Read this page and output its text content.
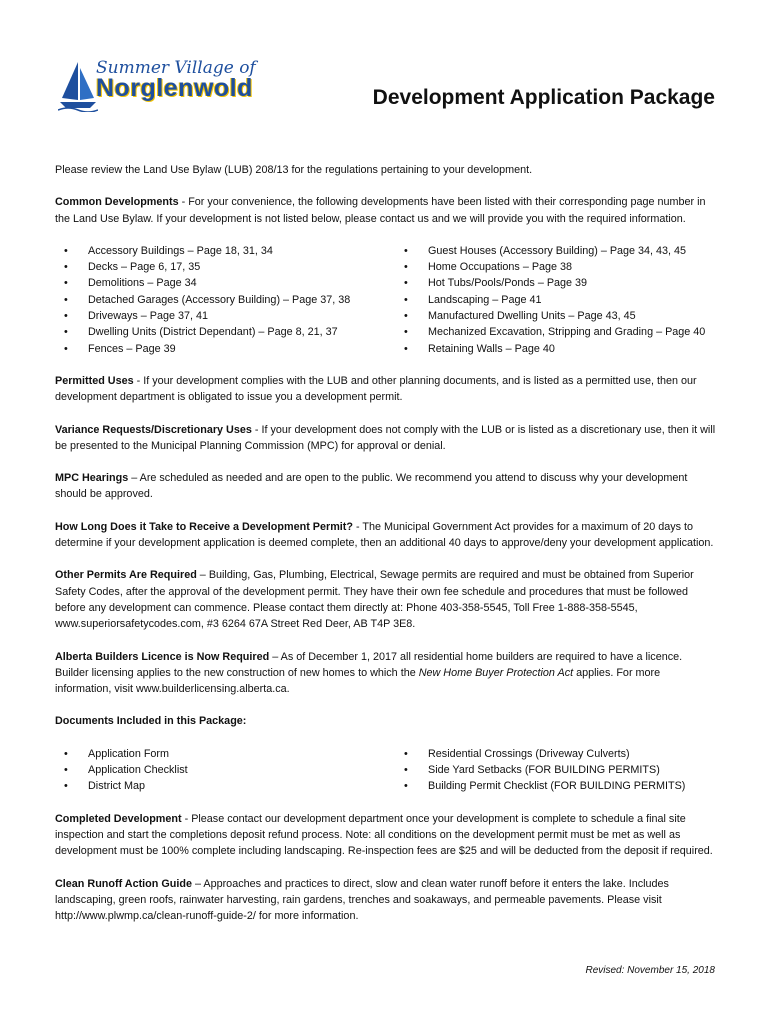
Summer Village of
Norglenwold	Development Application Package

Please review the Land Use Bylaw (LUB) 208/13 for the regulations pertaining to your development.

Common Developments - For your convenience, the following developments have been listed with their corresponding page number in the Land Use Bylaw. If your development is not listed below, please contact us and we will provide you with the required information.

• Accessory Buildings – Page 18, 31, 34
• Decks – Page 6, 17, 35
• Demolitions – Page 34
• Detached Garages (Accessory Building) – Page 37, 38
• Driveways – Page 37, 41
• Dwelling Units (District Dependant) – Page 8, 21, 37
• Fences – Page 39
• Guest Houses (Accessory Building) – Page 34, 43, 45
• Home Occupations – Page 38
• Hot Tubs/Pools/Ponds – Page 39
• Landscaping – Page 41
• Manufactured Dwelling Units – Page 43, 45
• Mechanized Excavation, Stripping and Grading – Page 40
• Retaining Walls – Page 40

Permitted Uses - If your development complies with the LUB and other planning documents, and is listed as a permitted use, then our development department is obligated to issue you a development permit.

Variance Requests/Discretionary Uses - If your development does not comply with the LUB or is listed as a discretionary use, then it will be presented to the Municipal Planning Commission (MPC) for approval or denial.

MPC Hearings – Are scheduled as needed and are open to the public. We recommend you attend to discuss why your development should be approved.

How Long Does it Take to Receive a Development Permit? - The Municipal Government Act provides for a maximum of 20 days to determine if your development application is deemed complete, then an additional 40 days to approve/deny your development application.

Other Permits Are Required – Building, Gas, Plumbing, Electrical, Sewage permits are required and must be obtained from Superior Safety Codes, after the approval of the development permit. They have their own fee schedule and procedures that must be followed before any development can commence. Please contact them directly at: Phone 403-358-5545, Toll Free 1-888-358-5545, www.superiorsafetycodes.com, #3 6264 67A Street Red Deer, AB T4P 3E8.

Alberta Builders Licence is Now Required – As of December 1, 2017 all residential home builders are required to have a licence. Builder licensing applies to the new construction of new homes to which the New Home Buyer Protection Act applies. For more information, visit www.builderlicensing.alberta.ca.

Documents Included in this Package:

• Application Form
• Application Checklist
• District Map
• Residential Crossings (Driveway Culverts)
• Side Yard Setbacks (FOR BUILDING PERMITS)
• Building Permit Checklist (FOR BUILDING PERMITS)

Completed Development - Please contact our development department once your development is complete to schedule a final site inspection and start the completions deposit refund process. Note: all conditions on the development permit must be met as well as development must be 100% complete including landscaping. Re-inspection fees are $25 and will be deducted from the deposit if required.

Clean Runoff Action Guide – Approaches and practices to direct, slow and clean water runoff before it enters the lake. Includes landscaping, green roofs, rainwater harvesting, rain gardens, trenches and soakaways, and permeable pavements. Please visit http://www.plwmp.ca/clean-runoff-guide-2/ for more information.

Revised: November 15, 2018
